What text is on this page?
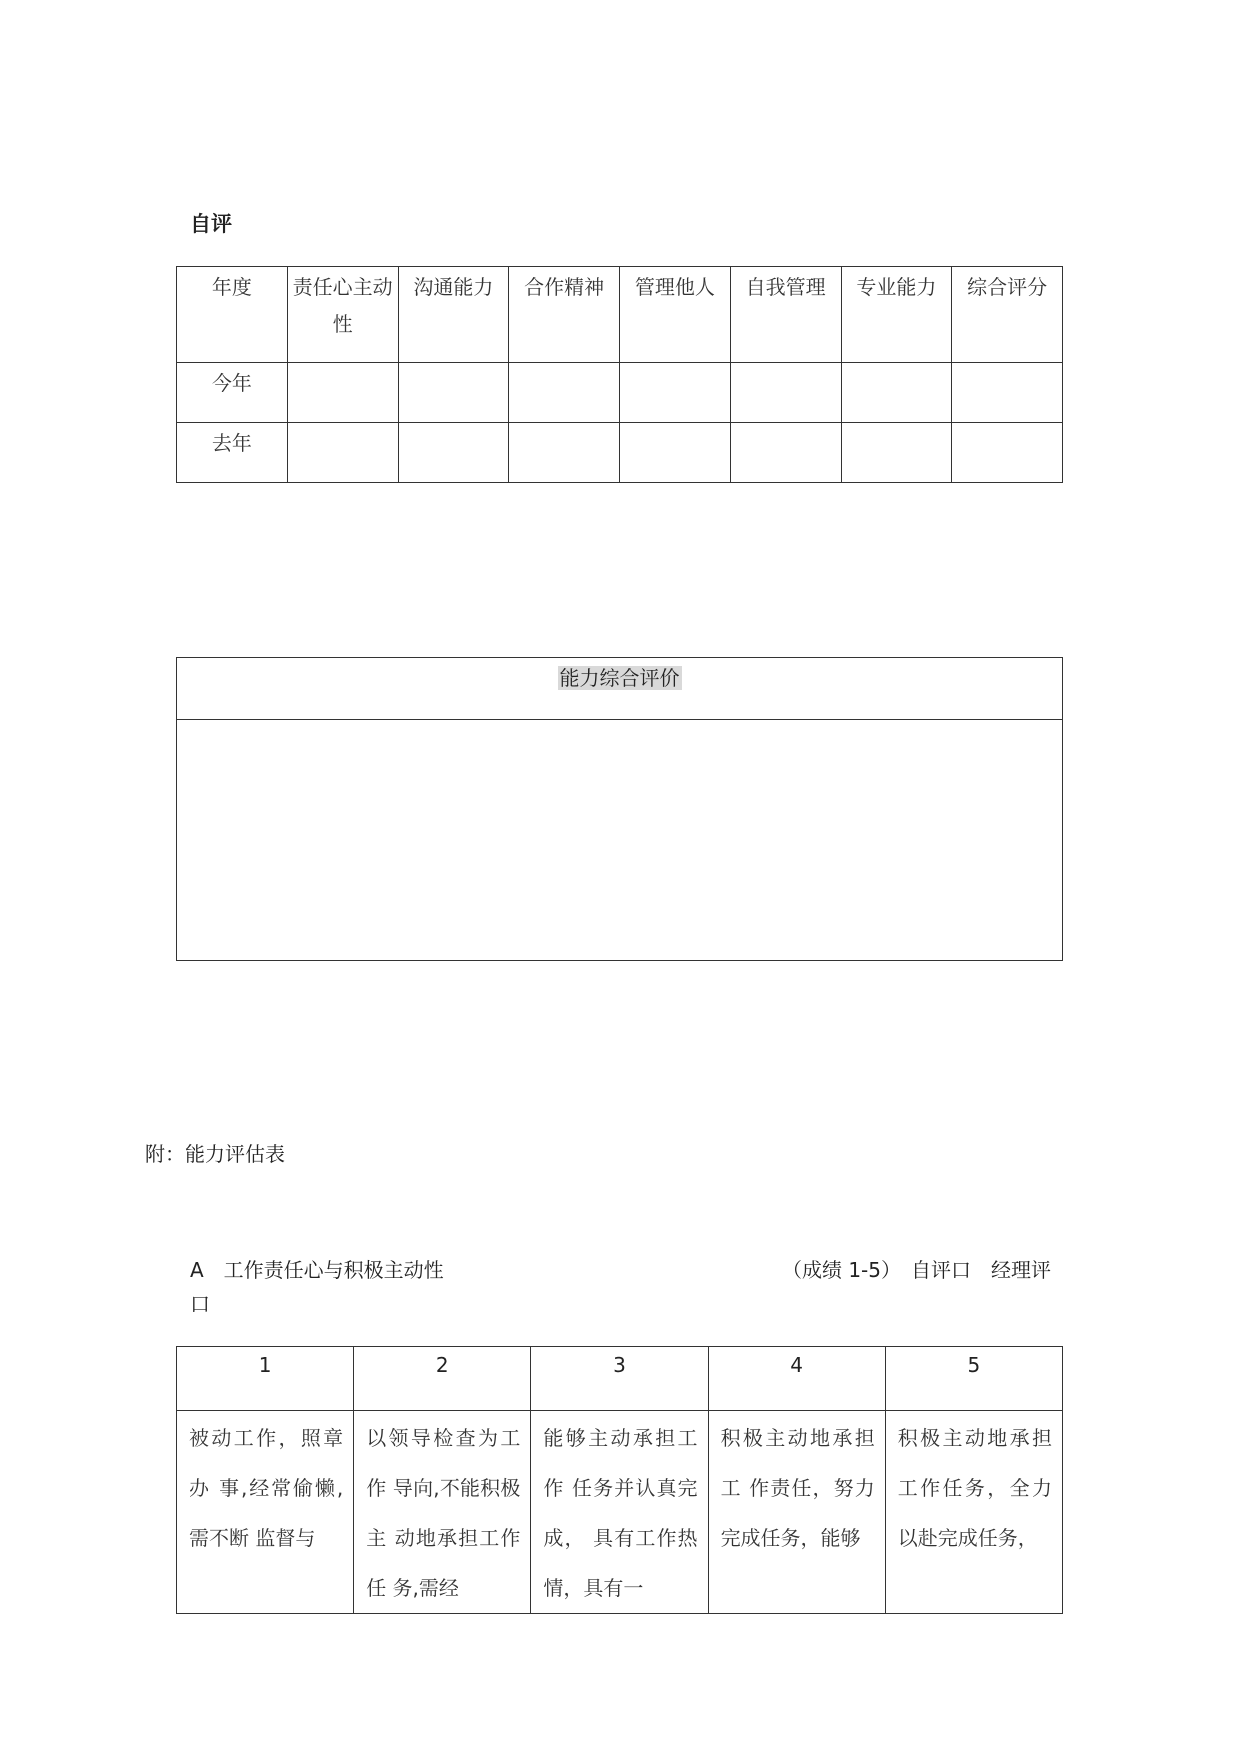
自评
年度	责任心主动性	沟通能力	合作精神	管理他人	自我管理	专业能力	综合评分
今年							
去年							
能力综合评价

附：能力评估表
A　工作责任心与积极主动性	（成绩 1-5）　自评口　经理评
口
1	2	3	4	5
被动工作，照章办 事,经常偷懒,需不断 监督与	以领导检查为工作 导向,不能积极主 动地承担工作任 务,需经	能够主动承担工作 任务并认真完成， 具有工作热情，具有一	积极主动地承担工 作责任，努力完成任务，能够	积极主动地承担工作任务，全力以赴完成任务，
